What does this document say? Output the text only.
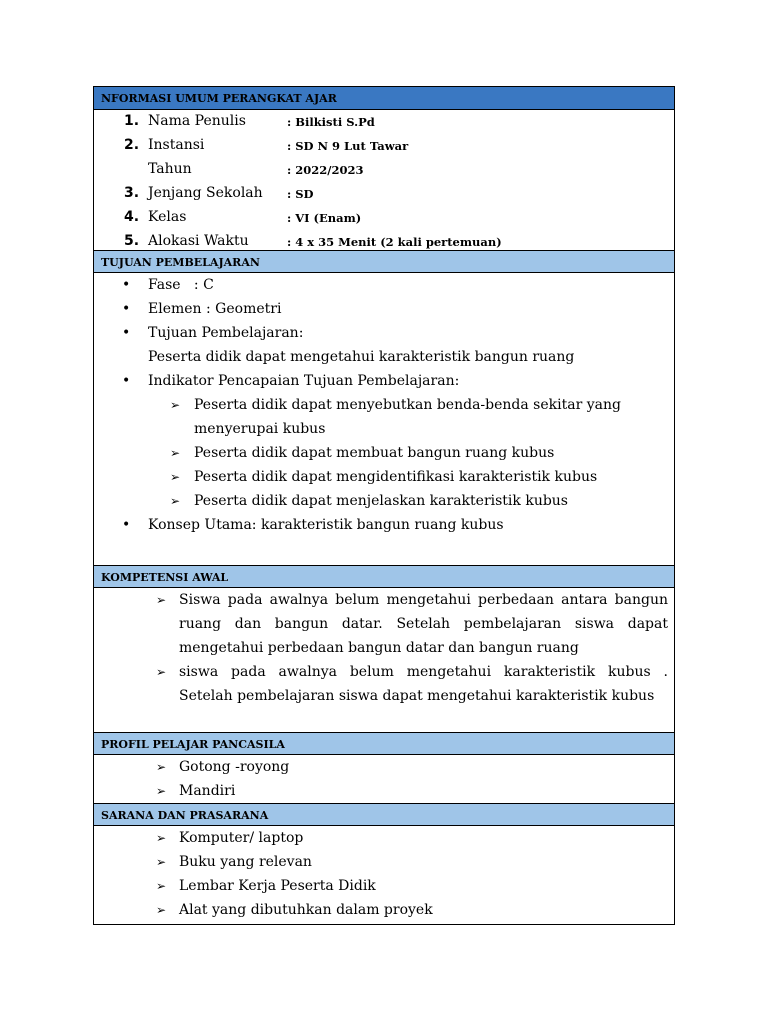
NFORMASI UMUM PERANGKAT AJAR
1. Nama Penulis	: Bilkisti S.Pd
2. Instansi	: SD N 9 Lut Tawar
Tahun	: 2022/2023
3. Jenjang Sekolah : SD
4. Kelas	: VI (Enam)
5. Alokasi Waktu	: 4 x 35 Menit (2 kali pertemuan)
TUJUAN PEMBELAJARAN
• Fase   : C
• Elemen : Geometri
• Tujuan Pembelajaran:
Peserta didik dapat mengetahui karakteristik bangun ruang
• Indikator Pencapaian Tujuan Pembelajaran:
➢ Peserta didik dapat menyebutkan benda-benda sekitar yang
menyerupai kubus
➢ Peserta didik dapat membuat bangun ruang kubus
➢ Peserta didik dapat mengidentifikasi karakteristik kubus
➢ Peserta didik dapat menjelaskan karakteristik kubus
• Konsep Utama: karakteristik bangun ruang kubus
KOMPETENSI AWAL
➢ Siswa pada awalnya belum mengetahui perbedaan antara bangun ruang dan bangun datar. Setelah pembelajaran siswa dapat
mengetahui perbedaan bangun datar dan bangun ruang
➢ siswa pada awalnya belum mengetahui karakteristik kubus .
Setelah pembelajaran siswa dapat mengetahui karakteristik kubus
PROFIL PELAJAR PANCASILA
➢ Gotong -royong
➢ Mandiri
SARANA DAN PRASARANA
➢ Komputer/ laptop
➢ Buku yang relevan
➢ Lembar Kerja Peserta Didik
➢ Alat yang dibutuhkan dalam proyek
